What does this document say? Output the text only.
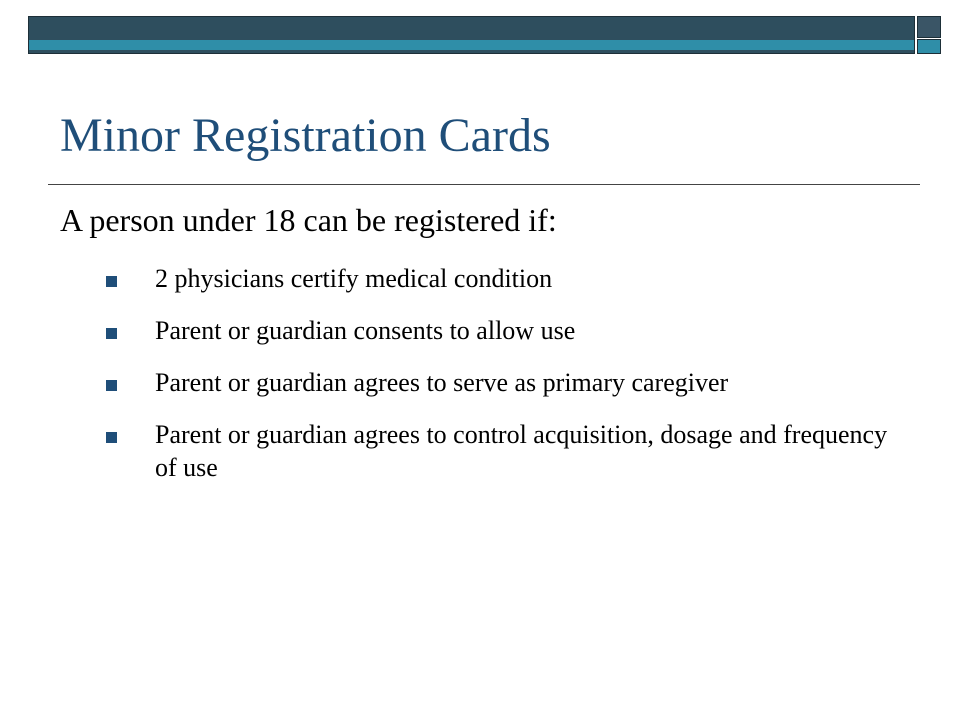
Minor Registration Cards

A person under 18 can be registered if:

2 physicians certify medical condition
Parent or guardian consents to allow use
Parent or guardian agrees to serve as primary caregiver
Parent or guardian agrees to control acquisition, dosage and frequency of use
